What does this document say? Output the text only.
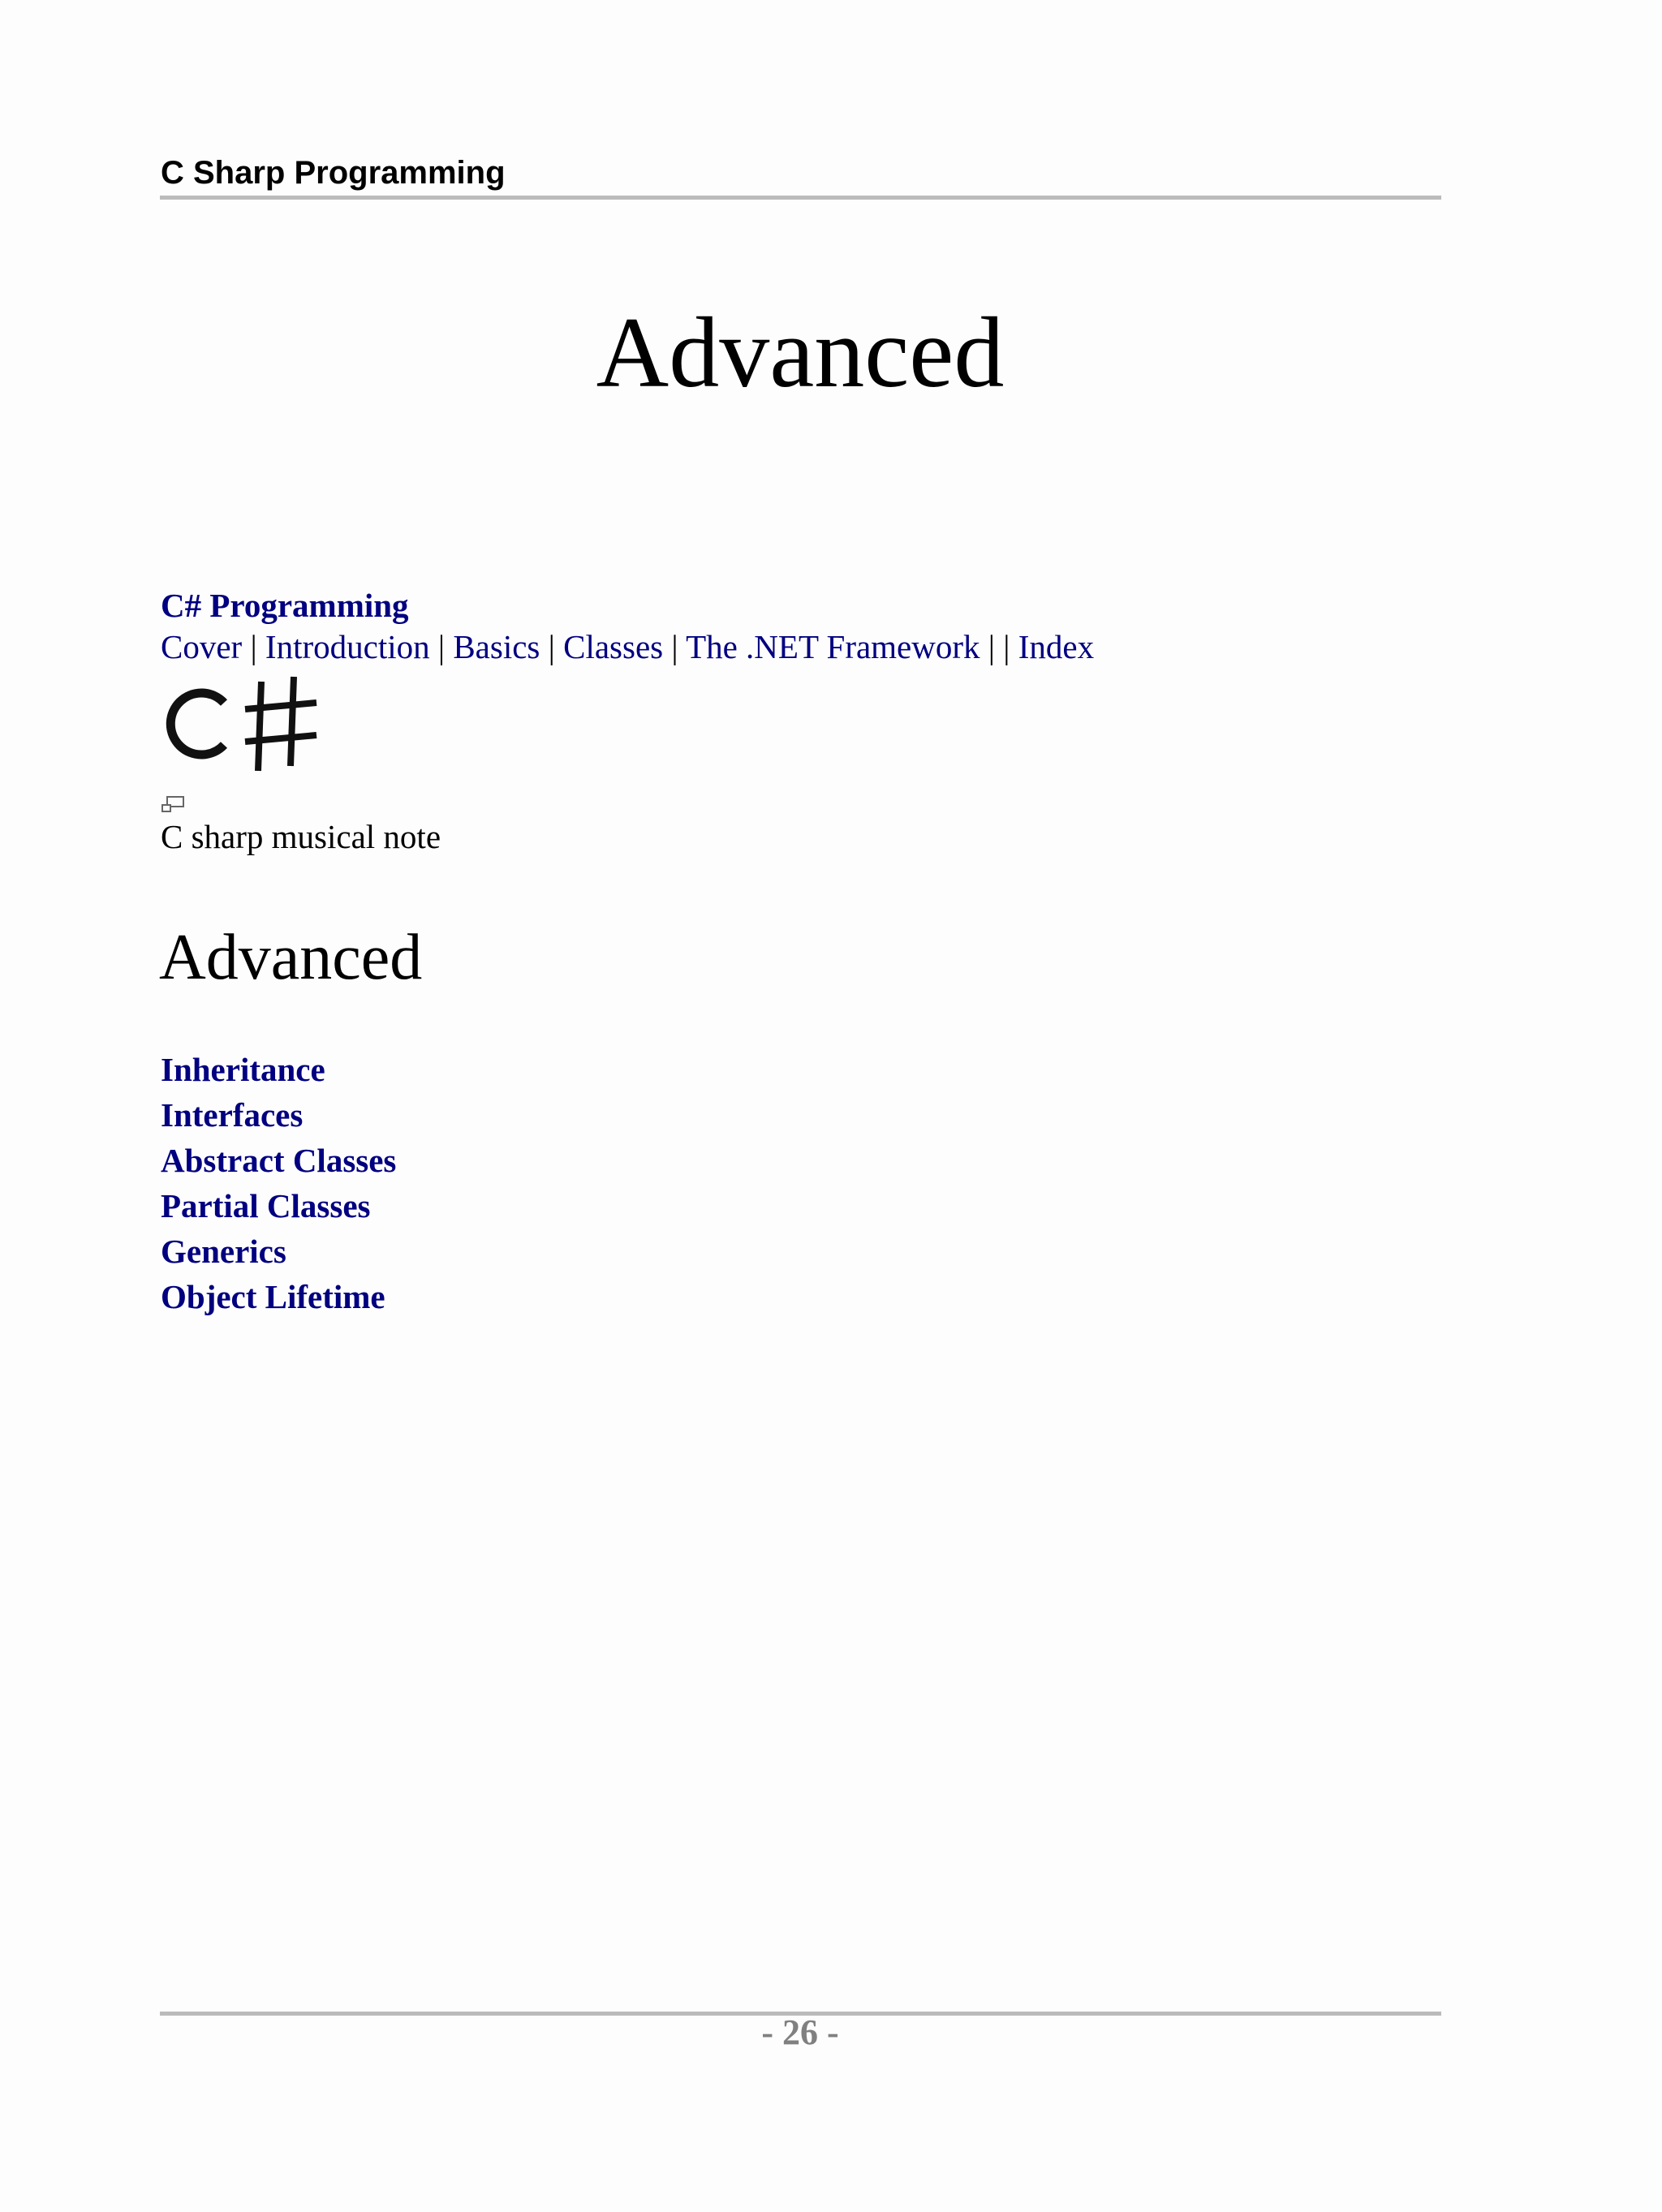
C Sharp Programming
Advanced
C# Programming
Cover | Introduction | Basics | Classes | The .NET Framework | | Index
C sharp musical note
Advanced
Inheritance
Interfaces
Abstract Classes
Partial Classes
Generics
Object Lifetime
- 26 -
